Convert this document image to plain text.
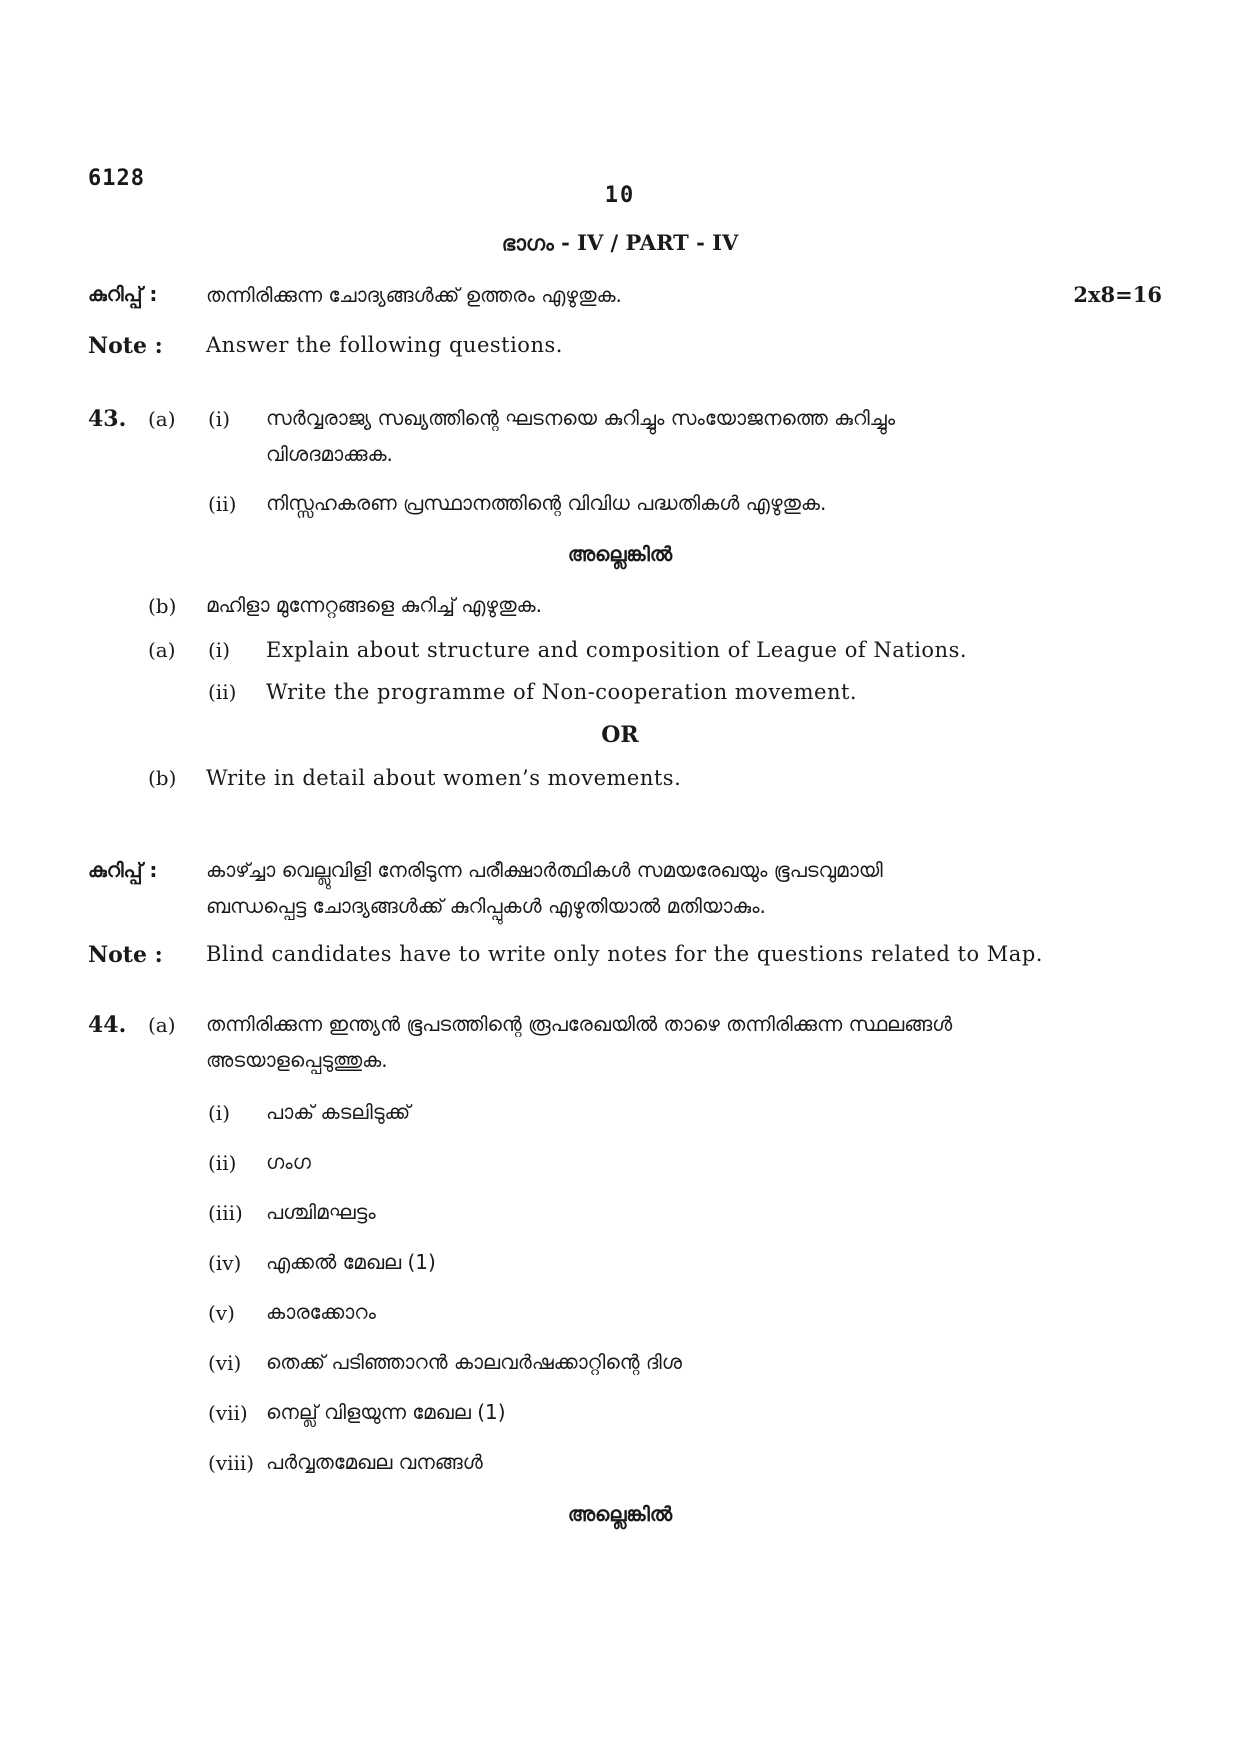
6128
10
ഭാഗം - IV / PART - IV
കുറിപ്പ് : തന്നിരിക്കുന്ന ചോദ്യങ്ങൾക്ക് ഉത്തരം എഴുതുക.	2x8=16
Note : Answer the following questions.
43. (a) (i) സർവ്വരാജ്യ സഖ്യത്തിന്റെ ഘടനയെ കുറിച്ചും സംയോജനത്തെ കുറിച്ചും
വിശദമാക്കുക.
(ii) നിസ്സഹകരണ പ്രസ്ഥാനത്തിന്റെ വിവിധ പദ്ധതികൾ എഴുതുക.
അല്ലെങ്കിൽ
(b) മഹിളാ മുന്നേറ്റങ്ങളെ കുറിച്ച് എഴുതുക.
(a) (i) Explain about structure and composition of League of Nations.
(ii) Write the programme of Non-cooperation movement.
OR
(b) Write in detail about women’s movements.
കുറിപ്പ് : കാഴ്ച്ചാ വെല്ലുവിളി നേരിടുന്ന പരീക്ഷാർത്ഥികൾ സമയരേഖയും ഭൂപടവുമായി
ബന്ധപ്പെട്ട ചോദ്യങ്ങൾക്ക് കുറിപ്പുകൾ എഴുതിയാൽ മതിയാകും.
Note : Blind candidates have to write only notes for the questions related to Map.
44. (a) തന്നിരിക്കുന്ന ഇന്ത്യൻ ഭൂപടത്തിന്റെ രൂപരേഖയിൽ താഴെ തന്നിരിക്കുന്ന സ്ഥലങ്ങൾ
അടയാളപ്പെടുത്തുക.
(i) പാക് കടലിടുക്ക്
(ii) ഗംഗ
(iii) പശ്ചിമഘട്ടം
(iv) എക്കൽ മേഖല (1)
(v) കാരക്കോറം
(vi) തെക്ക് പടിഞ്ഞാറൻ കാലവർഷക്കാറ്റിന്റെ ദിശ
(vii) നെല്ല് വിളയുന്ന മേഖല (1)
(viii) പർവ്വതമേഖല വനങ്ങൾ
അല്ലെങ്കിൽ
